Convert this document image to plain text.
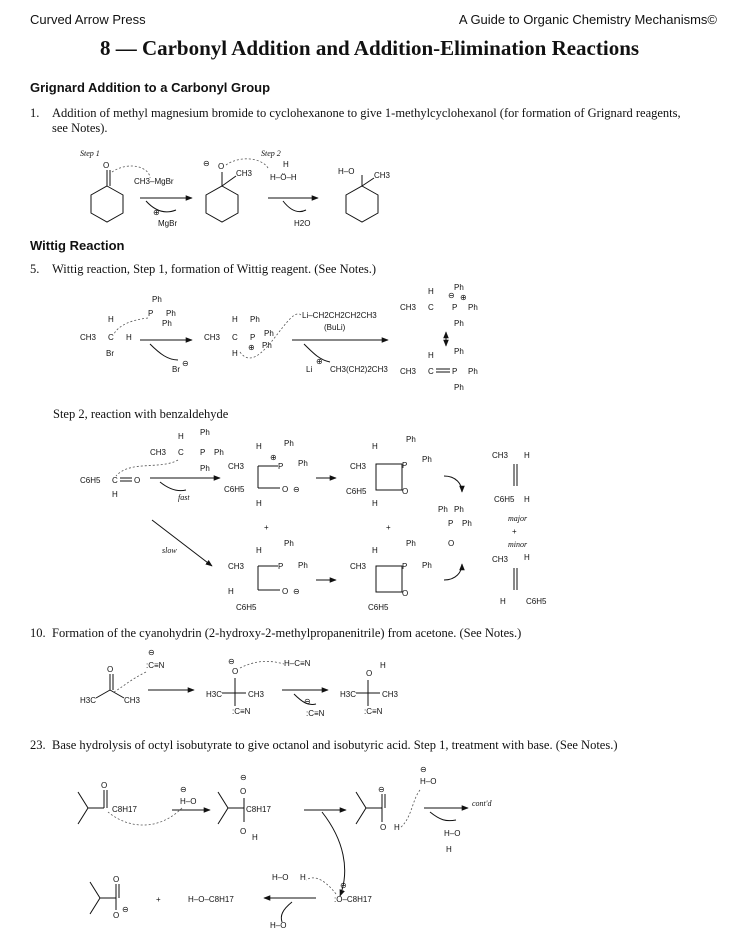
Curved Arrow Press	A Guide to Organic Chemistry Mechanisms©
8 — Carbonyl Addition and Addition-Elimination Reactions
Grignard Addition to a Carbonyl Group
1. Addition of methyl magnesium bromide to cyclohexanone to give 1-methylcyclohexanol (for formation of Grignard reagents,
see Notes).
Wittig Reaction
5. Wittig reaction, Step 1, formation of Wittig reagent. (See Notes.)
Step 2, reaction with benzaldehyde
10. Formation of the cyanohydrin (2-hydroxy-2-methylpropanenitrile) from acetone. (See Notes.)
23. Base hydrolysis of octyl isobutyrate to give octanol and isobutyric acid. Step 1, treatment with base. (See Notes.)
Step 1
O
CH3–MgBr
⊕
MgBr
O
⊖
CH3
Step 2
H
H–Ö–H
H2O
H–O CH3
CH3 C H
H
Br
P
Ph
Ph
Ph
Br
⊖
CH3 C
H
H
P
Ph
Ph
Ph
⊕
Li–CH2CH2CH2CH3
(BuLi)
Li
⊕
CH3(CH2)2CH3
CH3 C
H ⊖
P
Ph
Ph
Ph
⊕
CH3 C
H
P
Ph
Ph
Ph
C6H5 C
H
O
CH3 C
H
P
Ph
Ph
Ph
fast
slow
H
CH3
C6H5
P
Ph
Ph
⊕
O ⊖
H
+
H
CH3
C6H5
P
Ph
Ph
O
H
+
Ph Ph
P Ph
O
CH3 H
C6H5 H
major
+
minor
H
CH3	P
Ph
Ph
H	O ⊖
C6H5
H
CH3	P
Ph
Ph
O
C6H5
CH3 H
H	C6H5
H3C
O
CH3
⊖
:C≡N	⊖
O
H3C	CH3
:C≡N
H–C≡N
⊖
:C≡N
H
O
H3C	CH3
:C≡N
O
C8H17
⊖
H–O
⊖
O
C8H17
O
H
⊖
O H
⊖
H–O
cont'd
H–O
H
O
O
⊖
+	H–O–C8H17
H–O H
H–O
⊖
:O–C8H17
